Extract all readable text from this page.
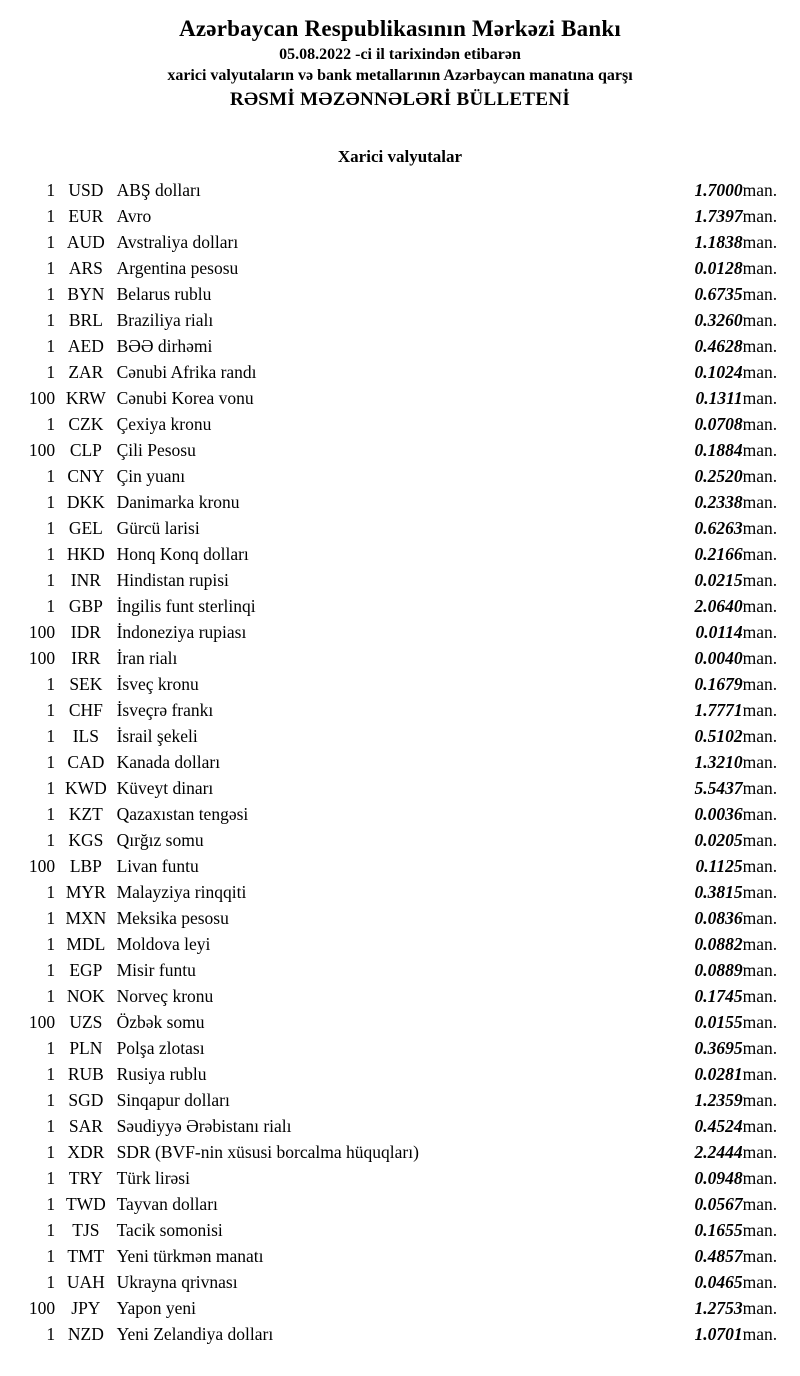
Azərbaycan Respublikasının Mərkəzi Bankı
05.08.2022 -ci il tarixindən etibarən
xarici valyutaların və bank metallarının Azərbaycan manatına qarşı
RƏSMİ MƏZƏNNƏLƏRİ BÜLLETENİ
Xarici valyutalar
1	USD	ABŞ dolları	1.7000	man.
1	EUR	Avro	1.7397	man.
1	AUD	Avstraliya dolları	1.1838	man.
1	ARS	Argentina pesosu	0.0128	man.
1	BYN	Belarus rublu	0.6735	man.
1	BRL	Braziliya rialı	0.3260	man.
1	AED	BƏƏ dirhəmi	0.4628	man.
1	ZAR	Cənubi Afrika randı	0.1024	man.
100	KRW	Cənubi Korea vonu	0.1311	man.
1	CZK	Çexiya kronu	0.0708	man.
100	CLP	Çili Pesosu	0.1884	man.
1	CNY	Çin yuanı	0.2520	man.
1	DKK	Danimarka kronu	0.2338	man.
1	GEL	Gürcü larisi	0.6263	man.
1	HKD	Honq Konq dolları	0.2166	man.
1	INR	Hindistan rupisi	0.0215	man.
1	GBP	İngilis funt sterlinqi	2.0640	man.
100	IDR	İndoneziya rupiası	0.0114	man.
100	IRR	İran rialı	0.0040	man.
1	SEK	İsveç kronu	0.1679	man.
1	CHF	İsveçrə frankı	1.7771	man.
1	ILS	İsrail şekeli	0.5102	man.
1	CAD	Kanada dolları	1.3210	man.
1	KWD	Küveyt dinarı	5.5437	man.
1	KZT	Qazaxıstan tengəsi	0.0036	man.
1	KGS	Qırğız somu	0.0205	man.
100	LBP	Livan funtu	0.1125	man.
1	MYR	Malayziya rinqqiti	0.3815	man.
1	MXN	Meksika pesosu	0.0836	man.
1	MDL	Moldova leyi	0.0882	man.
1	EGP	Misir funtu	0.0889	man.
1	NOK	Norveç kronu	0.1745	man.
100	UZS	Özbək somu	0.0155	man.
1	PLN	Polşa zlotası	0.3695	man.
1	RUB	Rusiya rublu	0.0281	man.
1	SGD	Sinqapur dolları	1.2359	man.
1	SAR	Səudiyyə Ərəbistanı rialı	0.4524	man.
1	XDR	SDR (BVF-nin xüsusi borcalma hüquqları)	2.2444	man.
1	TRY	Türk lirəsi	0.0948	man.
1	TWD	Tayvan dolları	0.0567	man.
1	TJS	Tacik somonisi	0.1655	man.
1	TMT	Yeni türkmən manatı	0.4857	man.
1	UAH	Ukrayna qrivnası	0.0465	man.
100	JPY	Yapon yeni	1.2753	man.
1	NZD	Yeni Zelandiya dolları	1.0701	man.
